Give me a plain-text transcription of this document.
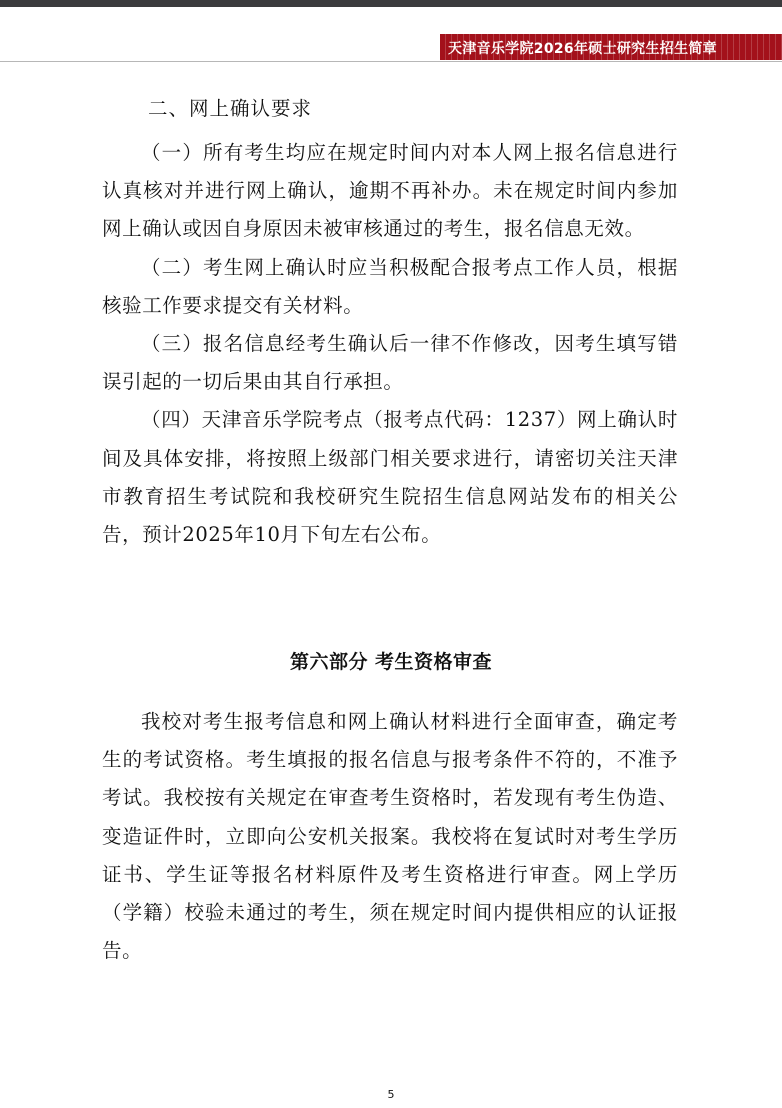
天津音乐学院2026年硕士研究生招生简章
二、网上确认要求

（一）所有考生均应在规定时间内对本人网上报名信息进行认真核对并进行网上确认，逾期不再补办。未在规定时间内参加网上确认或因自身原因未被审核通过的考生，报名信息无效。

（二）考生网上确认时应当积极配合报考点工作人员，根据核验工作要求提交有关材料。

（三）报名信息经考生确认后一律不作修改，因考生填写错误引起的一切后果由其自行承担。

（四）天津音乐学院考点（报考点代码：1237）网上确认时间及具体安排，将按照上级部门相关要求进行，请密切关注天津市教育招生考试院和我校研究生院招生信息网站发布的相关公告，预计2025年10月下旬左右公布。

第六部分 考生资格审查

我校对考生报考信息和网上确认材料进行全面审查，确定考生的考试资格。考生填报的报名信息与报考条件不符的，不准予考试。我校按有关规定在审查考生资格时，若发现有考生伪造、变造证件时，立即向公安机关报案。我校将在复试时对考生学历证书、学生证等报名材料原件及考生资格进行审查。网上学历（学籍）校验未通过的考生，须在规定时间内提供相应的认证报告。

5
